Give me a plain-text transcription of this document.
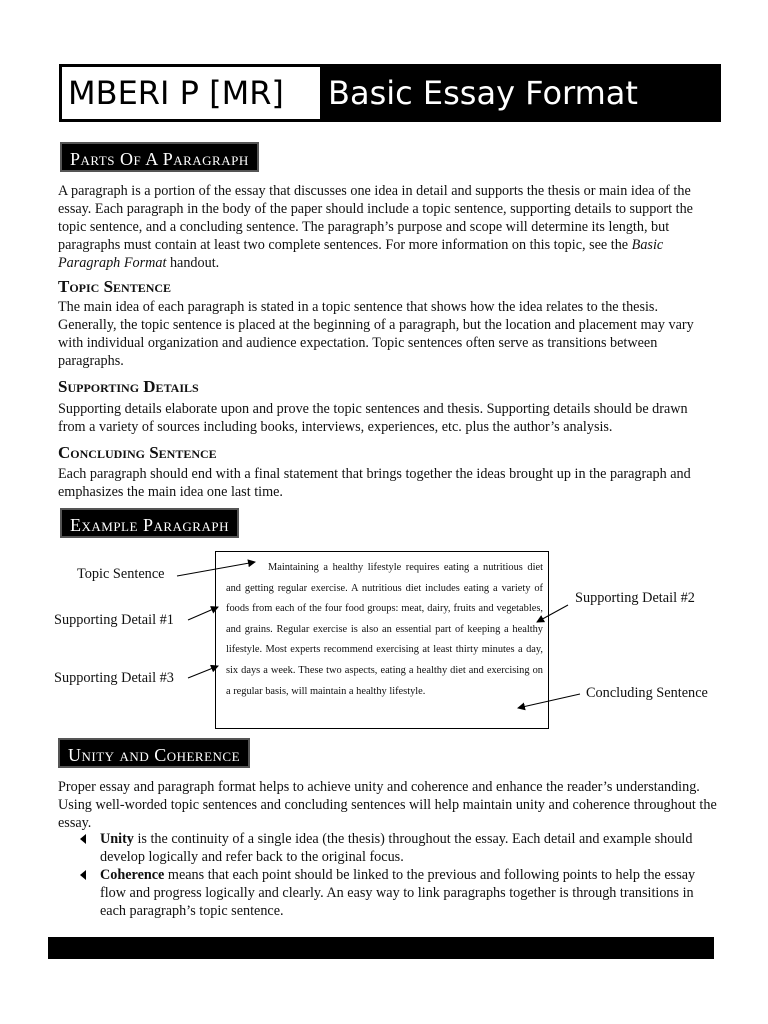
MBERI P [MR]	Basic Essay Format
Parts Of A Paragraph

A paragraph is a portion of the essay that discusses one idea in detail and supports the thesis or main idea of the essay. Each paragraph in the body of the paper should include a topic sentence, supporting details to support the topic sentence, and a concluding sentence. The paragraph’s purpose and scope will determine its length, but paragraphs must contain at least two complete sentences. For more information on this topic, see the Basic Paragraph Format handout.

Topic Sentence

The main idea of each paragraph is stated in a topic sentence that shows how the idea relates to the thesis. Generally, the topic sentence is placed at the beginning of a paragraph, but the location and placement may vary with individual organization and audience expectation. Topic sentences often serve as transitions between paragraphs.

Supporting Details

Supporting details elaborate upon and prove the topic sentences and thesis. Supporting details should be drawn from a variety of sources including books, interviews, experiences, etc. plus the author’s analysis.

Concluding Sentence

Each paragraph should end with a final statement that brings together the ideas brought up in the paragraph and emphasizes the main idea one last time.

Example Paragraph
Maintaining a healthy lifestyle requires eating a nutritious diet and getting regular exercise. A nutritious diet includes eating a variety of foods from each of the four food groups: meat, dairy, fruits and vegetables, and grains. Regular exercise is also an essential part of keeping a healthy lifestyle. Most experts recommend exercising at least thirty minutes a day, six days a week. These two aspects, eating a healthy diet and exercising on a regular basis, will maintain a healthy lifestyle.
Topic Sentence
Supporting Detail #1
Supporting Detail #3
Supporting Detail #2
Concluding Sentence
Unity and Coherence

Proper essay and paragraph format helps to achieve unity and coherence and enhance the reader’s understanding. Using well-worded topic sentences and concluding sentences will help maintain unity and coherence throughout the essay.

Unity is the continuity of a single idea (the thesis) throughout the essay. Each detail and example should develop logically and refer back to the original focus.
Coherence means that each point should be linked to the previous and following points to help the essay flow and progress logically and clearly. An easy way to link paragraphs together is through transitions in each paragraph’s topic sentence.
